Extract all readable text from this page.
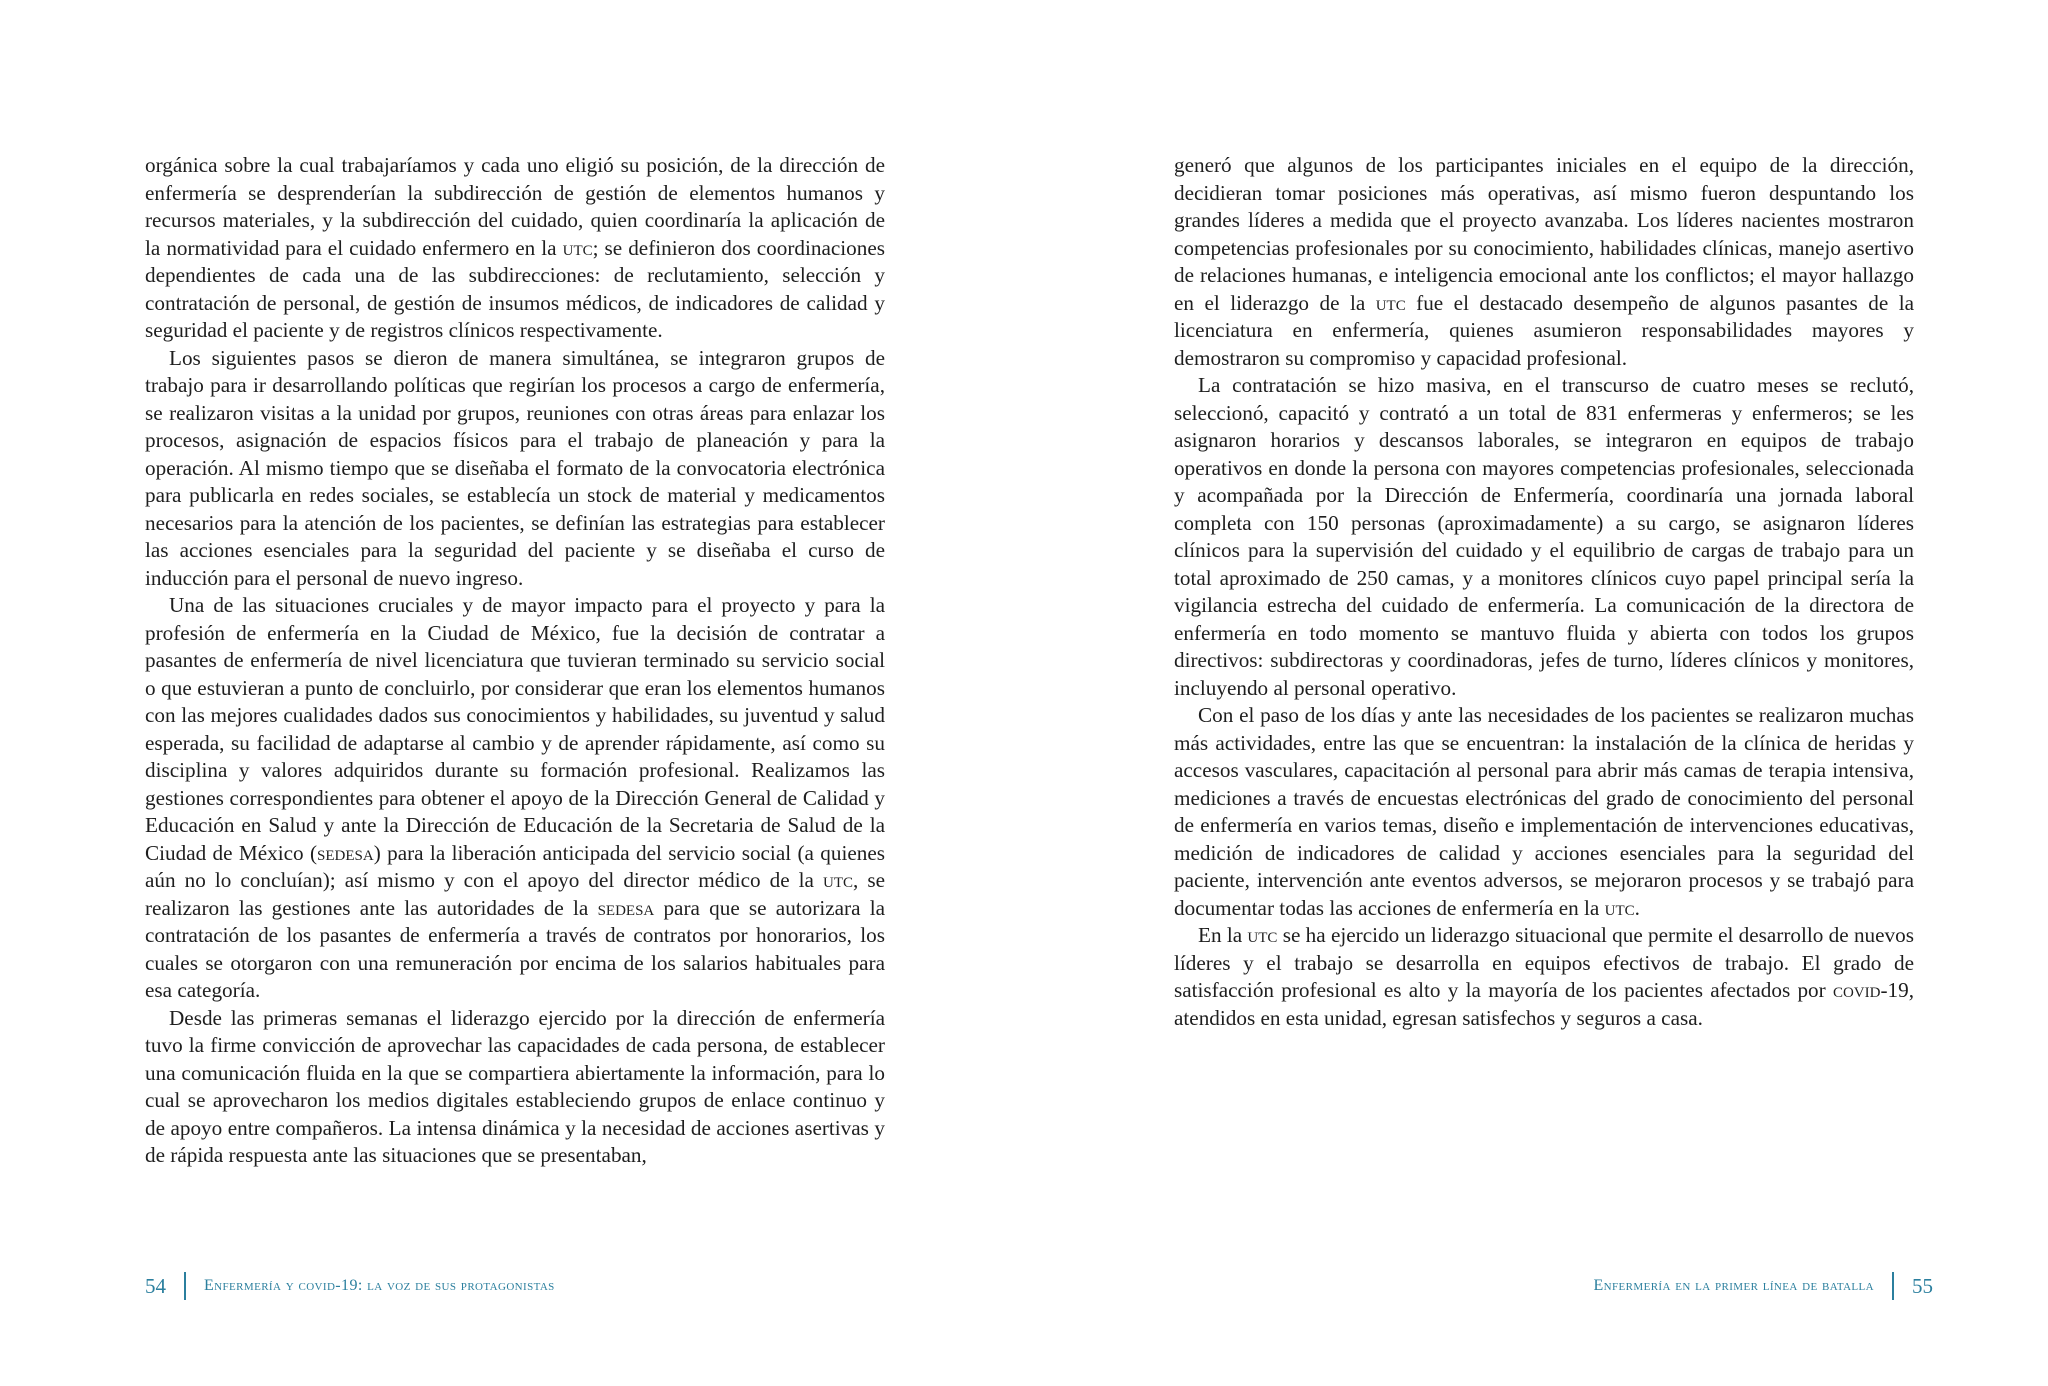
orgánica sobre la cual trabajaríamos y cada uno eligió su posición, de la dirección de enfermería se desprenderían la subdirección de gestión de elementos humanos y recursos materiales, y la subdirección del cuidado, quien coordinaría la aplicación de la normatividad para el cuidado enfermero en la utc; se definieron dos coordinaciones dependientes de cada una de las subdirecciones: de reclutamiento, selección y contratación de personal, de gestión de insumos médicos, de indicadores de calidad y seguridad el paciente y de registros clínicos respectivamente.

Los siguientes pasos se dieron de manera simultánea, se integraron grupos de trabajo para ir desarrollando políticas que regirían los procesos a cargo de enfermería, se realizaron visitas a la unidad por grupos, reuniones con otras áreas para enlazar los procesos, asignación de espacios físicos para el trabajo de planeación y para la operación. Al mismo tiempo que se diseñaba el formato de la convocatoria electrónica para publicarla en redes sociales, se establecía un stock de material y medicamentos necesarios para la atención de los pacientes, se definían las estrategias para establecer las acciones esenciales para la seguridad del paciente y se diseñaba el curso de inducción para el personal de nuevo ingreso.

Una de las situaciones cruciales y de mayor impacto para el proyecto y para la profesión de enfermería en la Ciudad de México, fue la decisión de contratar a pasantes de enfermería de nivel licenciatura que tuvieran terminado su servicio social o que estuvieran a punto de concluirlo, por considerar que eran los elementos humanos con las mejores cualidades dados sus conocimientos y habilidades, su juventud y salud esperada, su facilidad de adaptarse al cambio y de aprender rápidamente, así como su disciplina y valores adquiridos durante su formación profesional. Realizamos las gestiones correspondientes para obtener el apoyo de la Dirección General de Calidad y Educación en Salud y ante la Dirección de Educación de la Secretaria de Salud de la Ciudad de México (sedesa) para la liberación anticipada del servicio social (a quienes aún no lo concluían); así mismo y con el apoyo del director médico de la utc, se realizaron las gestiones ante las autoridades de la sedesa para que se autorizara la contratación de los pasantes de enfermería a través de contratos por honorarios, los cuales se otorgaron con una remuneración por encima de los salarios habituales para esa categoría.

Desde las primeras semanas el liderazgo ejercido por la dirección de enfermería tuvo la firme convicción de aprovechar las capacidades de cada persona, de establecer una comunicación fluida en la que se compartiera abiertamente la información, para lo cual se aprovecharon los medios digitales estableciendo grupos de enlace continuo y de apoyo entre compañeros. La intensa dinámica y la necesidad de acciones asertivas y de rápida respuesta ante las situaciones que se presentaban,

54 Enfermería y covid-19: la voz de sus protagonistas

generó que algunos de los participantes iniciales en el equipo de la dirección, decidieran tomar posiciones más operativas, así mismo fueron despuntando los grandes líderes a medida que el proyecto avanzaba. Los líderes nacientes mostraron competencias profesionales por su conocimiento, habilidades clínicas, manejo asertivo de relaciones humanas, e inteligencia emocional ante los conflictos; el mayor hallazgo en el liderazgo de la utc fue el destacado desempeño de algunos pasantes de la licenciatura en enfermería, quienes asumieron responsabilidades mayores y demostraron su compromiso y capacidad profesional.

La contratación se hizo masiva, en el transcurso de cuatro meses se reclutó, seleccionó, capacitó y contrató a un total de 831 enfermeras y enfermeros; se les asignaron horarios y descansos laborales, se integraron en equipos de trabajo operativos en donde la persona con mayores competencias profesionales, seleccionada y acompañada por la Dirección de Enfermería, coordinaría una jornada laboral completa con 150 personas (aproximadamente) a su cargo, se asignaron líderes clínicos para la supervisión del cuidado y el equilibrio de cargas de trabajo para un total aproximado de 250 camas, y a monitores clínicos cuyo papel principal sería la vigilancia estrecha del cuidado de enfermería. La comunicación de la directora de enfermería en todo momento se mantuvo fluida y abierta con todos los grupos directivos: subdirectoras y coordinadoras, jefes de turno, líderes clínicos y monitores, incluyendo al personal operativo.

Con el paso de los días y ante las necesidades de los pacientes se realizaron muchas más actividades, entre las que se encuentran: la instalación de la clínica de heridas y accesos vasculares, capacitación al personal para abrir más camas de terapia intensiva, mediciones a través de encuestas electrónicas del grado de conocimiento del personal de enfermería en varios temas, diseño e implementación de intervenciones educativas, medición de indicadores de calidad y acciones esenciales para la seguridad del paciente, intervención ante eventos adversos, se mejoraron procesos y se trabajó para documentar todas las acciones de enfermería en la utc.

En la utc se ha ejercido un liderazgo situacional que permite el desarrollo de nuevos líderes y el trabajo se desarrolla en equipos efectivos de trabajo. El grado de satisfacción profesional es alto y la mayoría de los pacientes afectados por covid-19, atendidos en esta unidad, egresan satisfechos y seguros a casa.

Enfermería en la primer línea de batalla 55
